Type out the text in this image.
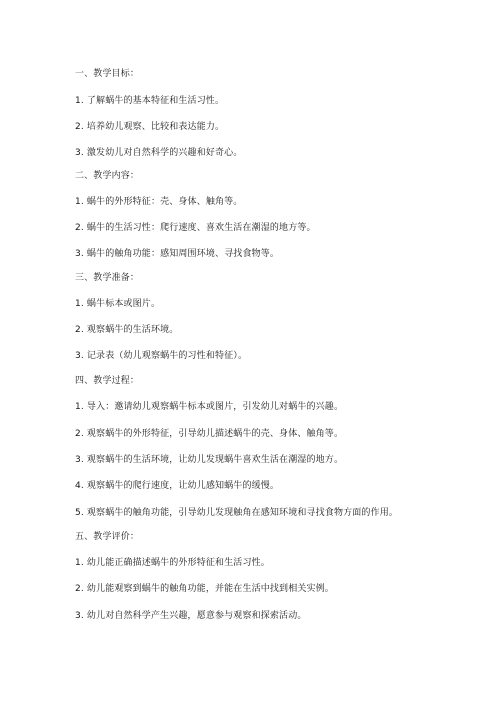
一、教学目标：
1. 了解蜗牛的基本特征和生活习性。
2. 培养幼儿观察、比较和表达能力。
3. 激发幼儿对自然科学的兴趣和好奇心。
二、教学内容：
1. 蜗牛的外形特征：壳、身体、触角等。
2. 蜗牛的生活习性：爬行速度、喜欢生活在潮湿的地方等。
3. 蜗牛的触角功能：感知周围环境、寻找食物等。
三、教学准备：
1. 蜗牛标本或图片。
2. 观察蜗牛的生活环境。
3. 记录表（幼儿观察蜗牛的习性和特征）。
四、教学过程：
1. 导入：邀请幼儿观察蜗牛标本或图片，引发幼儿对蜗牛的兴趣。
2. 观察蜗牛的外形特征，引导幼儿描述蜗牛的壳、身体、触角等。
3. 观察蜗牛的生活环境，让幼儿发现蜗牛喜欢生活在潮湿的地方。
4. 观察蜗牛的爬行速度，让幼儿感知蜗牛的缓慢。
5. 观察蜗牛的触角功能，引导幼儿发现触角在感知环境和寻找食物方面的作用。
五、教学评价：
1. 幼儿能正确描述蜗牛的外形特征和生活习性。
2. 幼儿能观察到蜗牛的触角功能，并能在生活中找到相关实例。
3. 幼儿对自然科学产生兴趣，愿意参与观察和探索活动。
